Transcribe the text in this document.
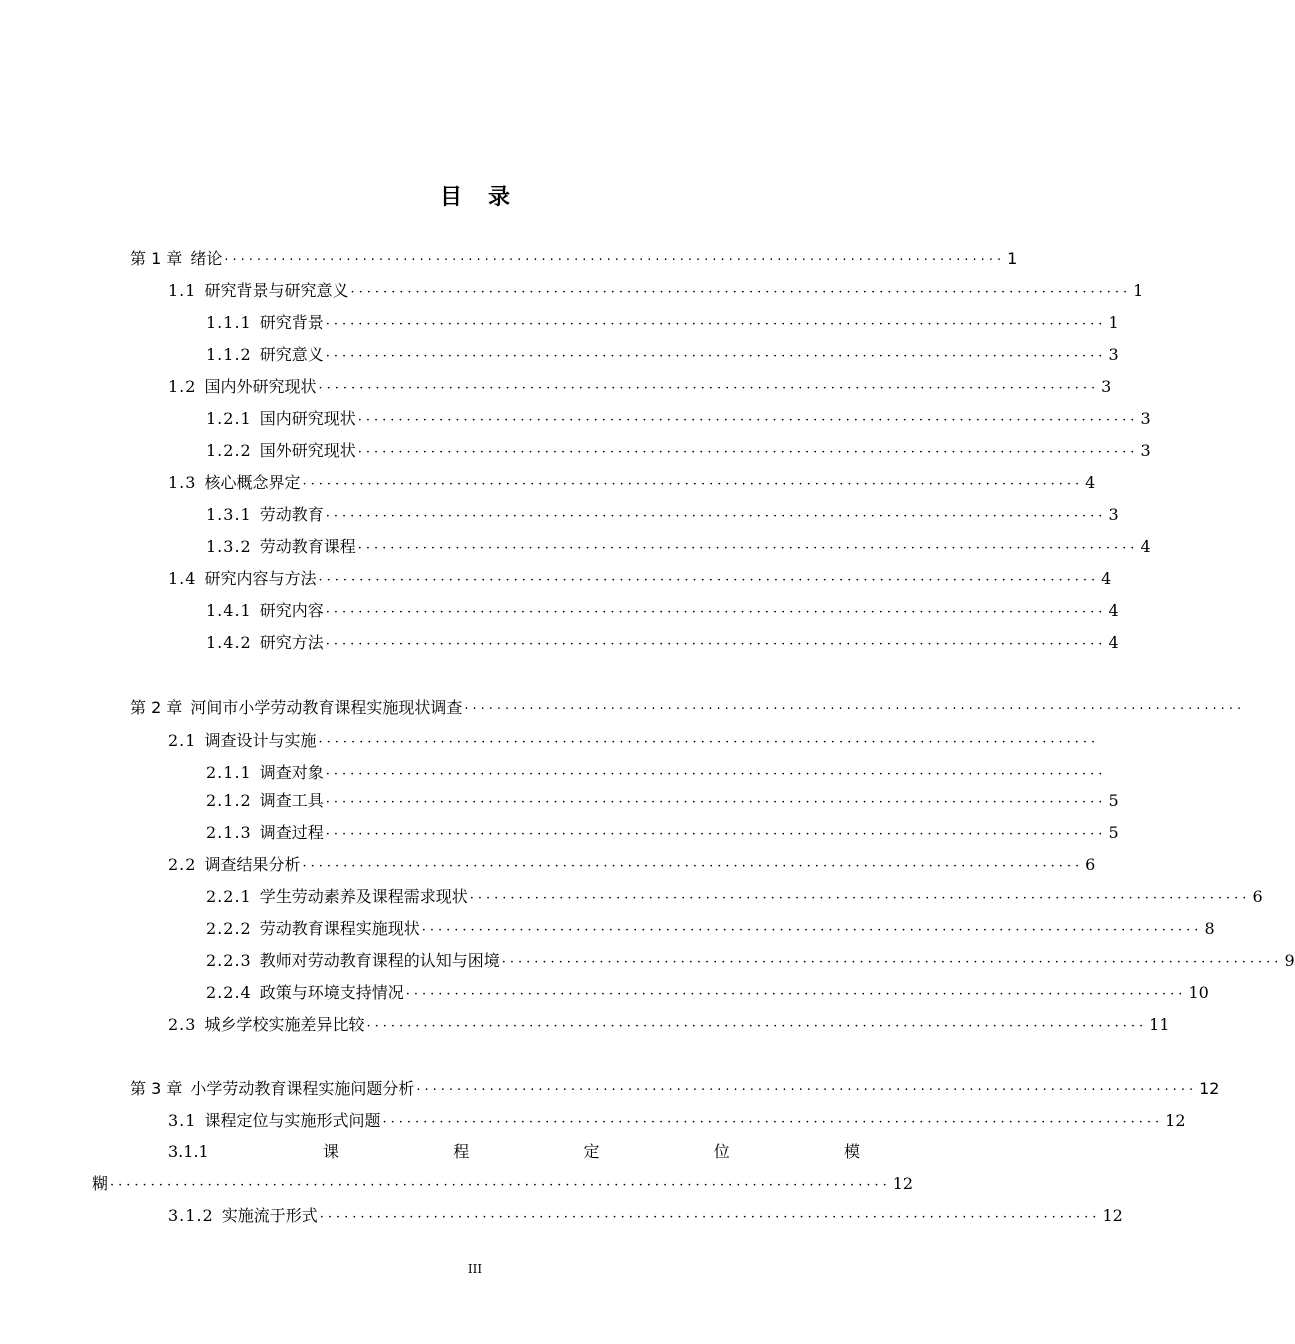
目录
第 1 章 绪论 ································································································ 1
1.1 研究背景与研究意义 ································································································ 1
1.1.1 研究背景 ································································································ 1
1.1.2 研究意义 ································································································ 3
1.2 国内外研究现状 ································································································ 3
1.2.1 国内研究现状 ································································································ 3
1.2.2 国外研究现状 ································································································ 3
1.3 核心概念界定 ································································································ 4
1.3.1 劳动教育 ································································································ 3
1.3.2 劳动教育课程 ································································································ 4
1.4 研究内容与方法 ································································································ 4
1.4.1 研究内容 ································································································ 4
1.4.2 研究方法 ································································································ 4
第 2 章 河间市小学劳动教育课程实施现状调查 ································································································
2.1 调查设计与实施 ································································································
2.1.1 调查对象 ································································································
2.1.2 调查工具 ································································································ 5
2.1.3 调查过程 ································································································ 5
2.2 调查结果分析 ································································································ 6
2.2.1 学生劳动素养及课程需求现状 ································································································ 6
2.2.2 劳动教育课程实施现状 ································································································ 8
2.2.3 教师对劳动教育课程的认知与困境 ································································································ 9
2.2.4 政策与环境支持情况 ································································································ 10
2.3 城乡学校实施差异比较 ································································································ 11
第 3 章 小学劳动教育课程实施问题分析 ································································································ 12
3.1 课程定位与实施形式问题 ································································································ 12
3.1.1	课	程	定	位	模
糊 ································································································ 12
3.1.2 实施流于形式 ································································································ 12
III
